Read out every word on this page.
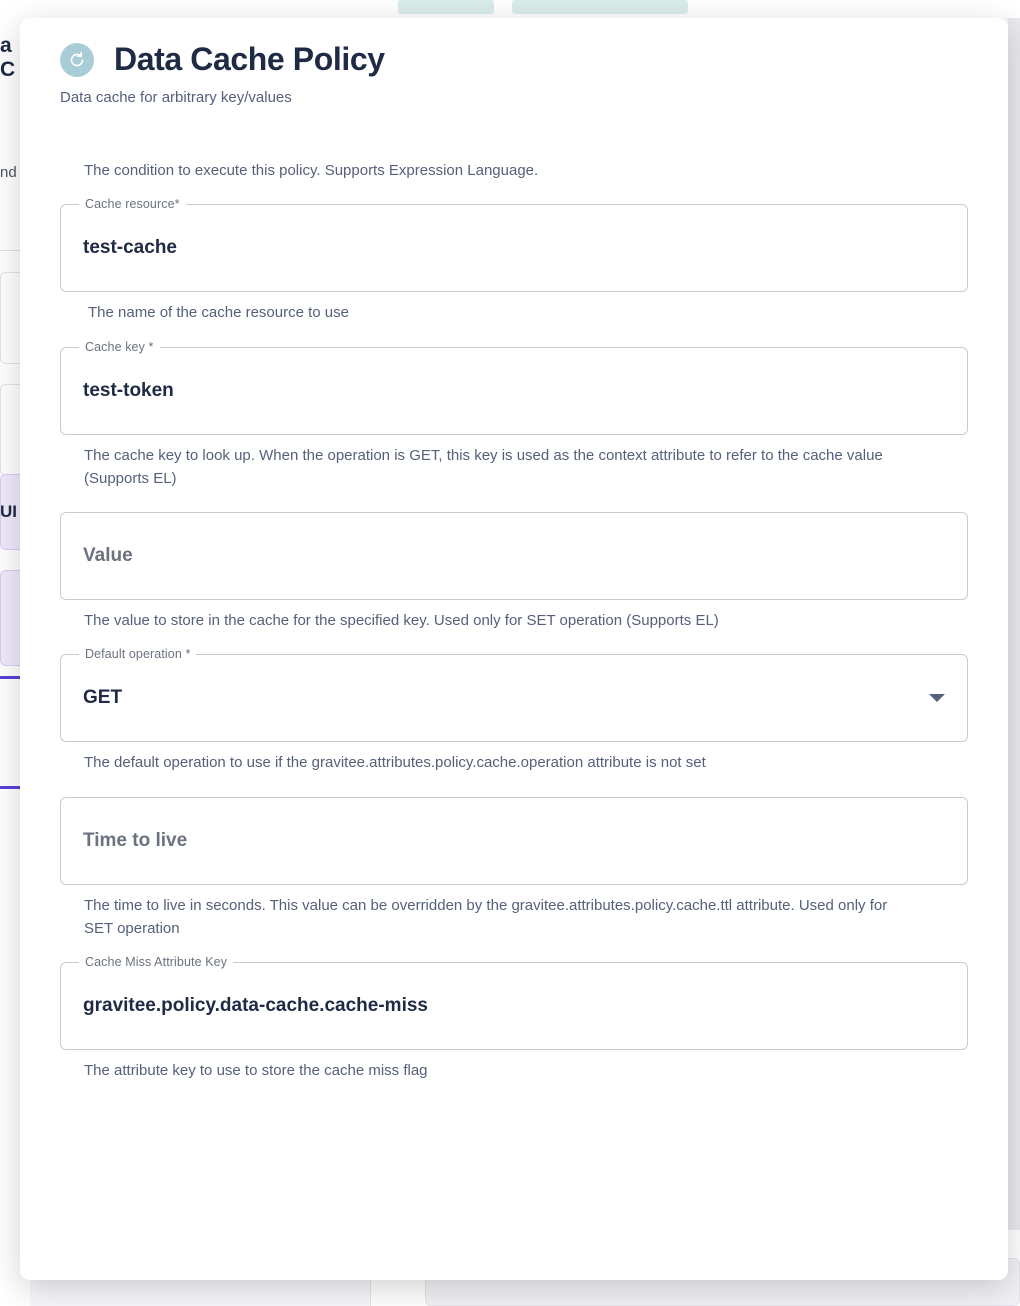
a C
nd
UI
Data Cache Policy
Data cache for arbitrary key/values
The condition to execute this policy. Supports Expression Language.
Cache resource*
test-cache
The name of the cache resource to use
Cache key *
test-token
The cache key to look up. When the operation is GET, this key is used as the context attribute to refer to the cache value (Supports EL)
Value
The value to store in the cache for the specified key. Used only for SET operation (Supports EL)
Default operation *
GET
The default operation to use if the gravitee.attributes.policy.cache.operation attribute is not set
Time to live
The time to live in seconds. This value can be overridden by the gravitee.attributes.policy.cache.ttl attribute. Used only for SET operation
Cache Miss Attribute Key
gravitee.policy.data-cache.cache-miss
The attribute key to use to store the cache miss flag
